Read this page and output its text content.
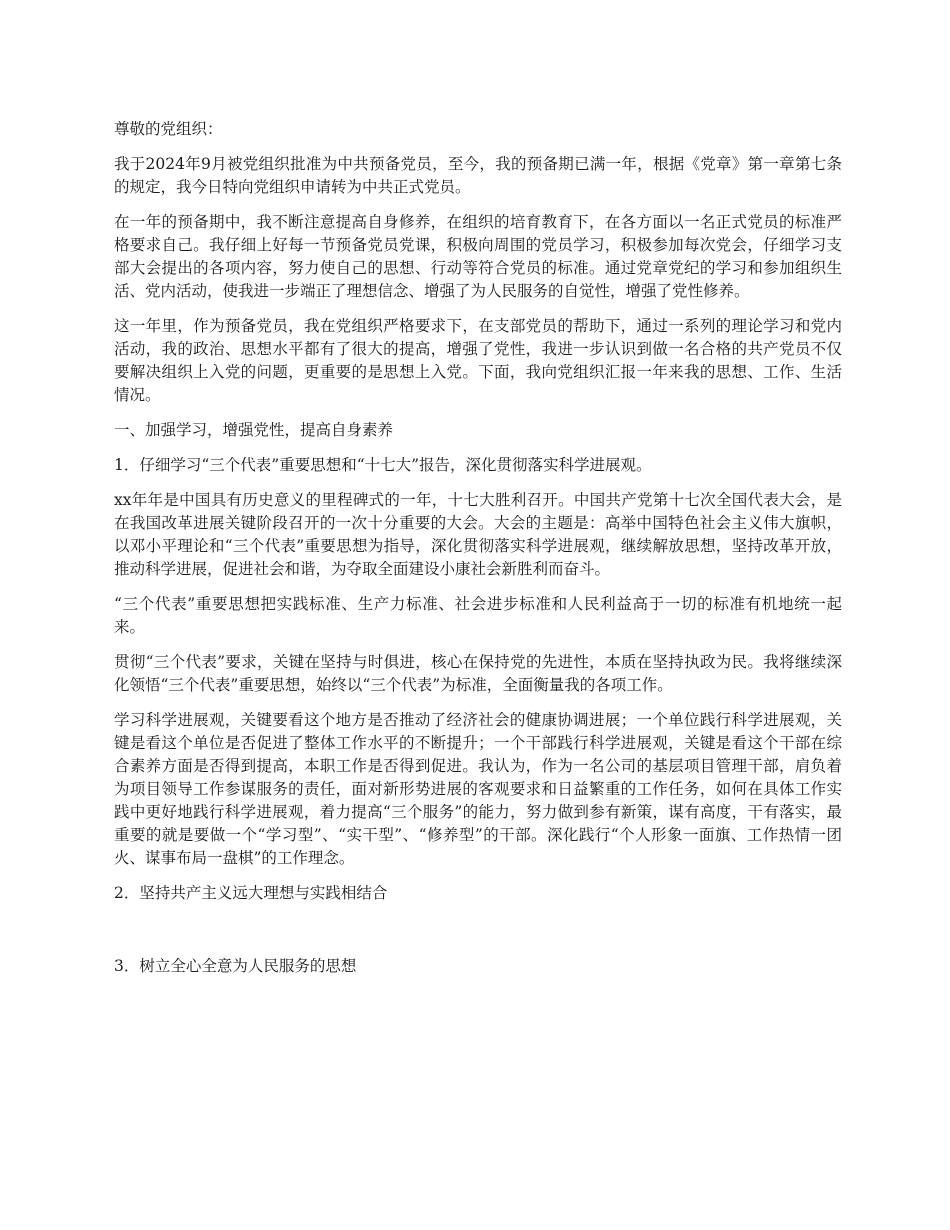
尊敬的党组织：

我于2024年9月被党组织批准为中共预备党员，至今，我的预备期已满一年，根据《党章》第一章第七条的规定，我今日特向党组织申请转为中共正式党员。

在一年的预备期中，我不断注意提高自身修养，在组织的培育教育下，在各方面以一名正式党员的标准严格要求自己。我仔细上好每一节预备党员党课，积极向周围的党员学习，积极参加每次党会，仔细学习支部大会提出的各项内容，努力使自己的思想、行动等符合党员的标准。通过党章党纪的学习和参加组织生活、党内活动，使我进一步端正了理想信念、增强了为人民服务的自觉性，增强了党性修养。

这一年里，作为预备党员，我在党组织严格要求下，在支部党员的帮助下，通过一系列的理论学习和党内活动，我的政治、思想水平都有了很大的提高，增强了党性，我进一步认识到做一名合格的共产党员不仅要解决组织上入党的问题，更重要的是思想上入党。下面，我向党组织汇报一年来我的思想、工作、生活情况。

一、加强学习，增强党性，提高自身素养

1．仔细学习“三个代表”重要思想和“十七大”报告，深化贯彻落实科学进展观。

xx年年是中国具有历史意义的里程碑式的一年，十七大胜利召开。中国共产党第十七次全国代表大会，是在我国改革进展关键阶段召开的一次十分重要的大会。大会的主题是：高举中国特色社会主义伟大旗帜，以邓小平理论和“三个代表”重要思想为指导，深化贯彻落实科学进展观，继续解放思想，坚持改革开放，推动科学进展，促进社会和谐，为夺取全面建设小康社会新胜利而奋斗。

“三个代表”重要思想把实践标准、生产力标准、社会进步标准和人民利益高于一切的标准有机地统一起来。

贯彻“三个代表”要求，关键在坚持与时俱进，核心在保持党的先进性，本质在坚持执政为民。我将继续深化领悟“三个代表”重要思想，始终以“三个代表”为标准，全面衡量我的各项工作。

学习科学进展观，关键要看这个地方是否推动了经济社会的健康协调进展；一个单位践行科学进展观，关键是看这个单位是否促进了整体工作水平的不断提升；一个干部践行科学进展观，关键是看这个干部在综合素养方面是否得到提高，本职工作是否得到促进。我认为，作为一名公司的基层项目管理干部，肩负着为项目领导工作参谋服务的责任，面对新形势进展的客观要求和日益繁重的工作任务，如何在具体工作实践中更好地践行科学进展观，着力提高“三个服务”的能力，努力做到参有新策，谋有高度，干有落实，最重要的就是要做一个“学习型”、“实干型”、“修养型”的干部。深化践行“个人形象一面旗、工作热情一团火、谋事布局一盘棋”的工作理念。

2．坚持共产主义远大理想与实践相结合

3．树立全心全意为人民服务的思想
